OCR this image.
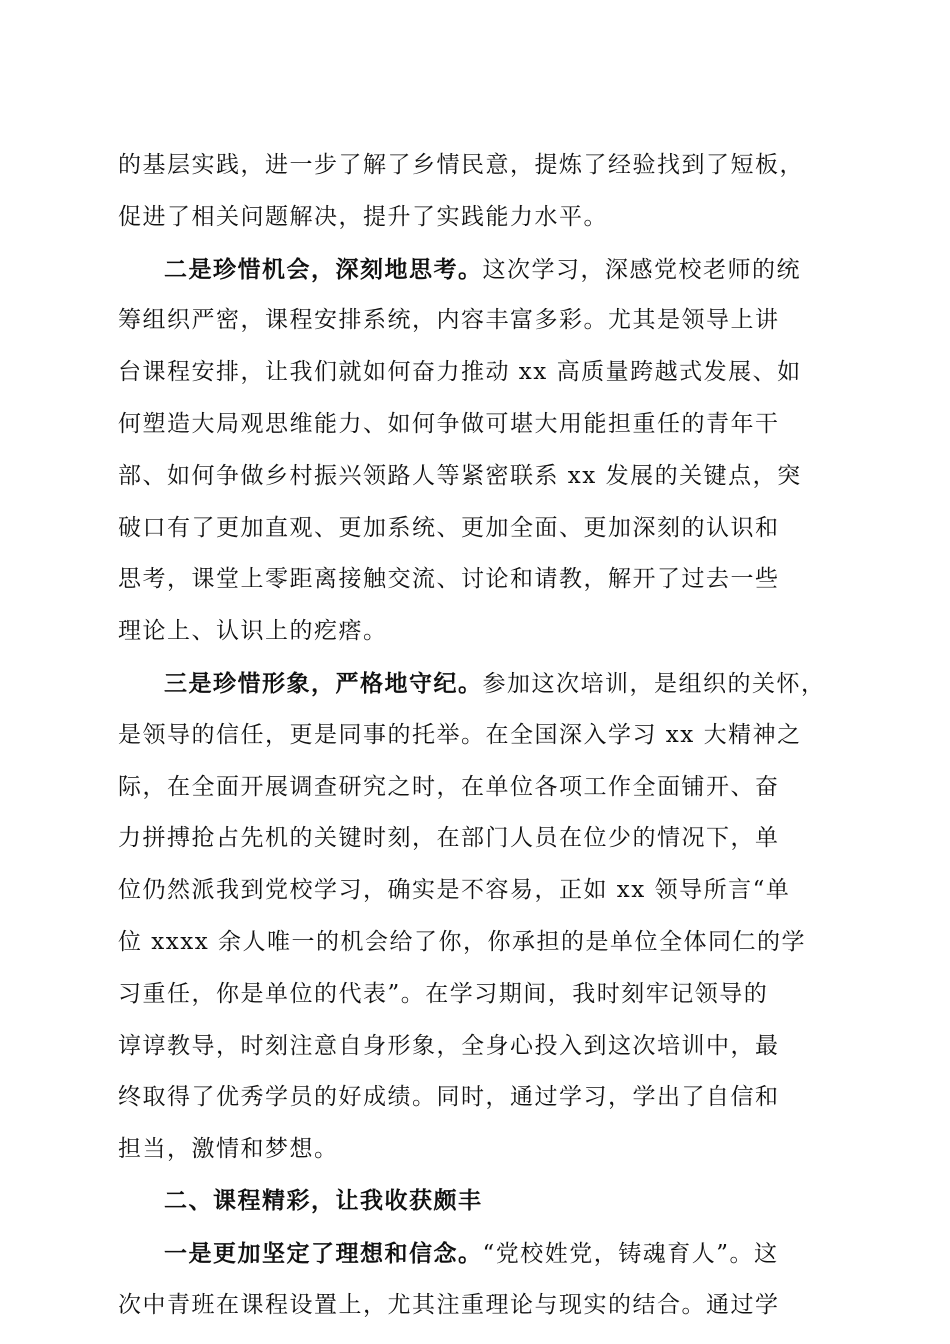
的基层实践，进一步了解了乡情民意，提炼了经验找到了短板，
促进了相关问题解决，提升了实践能力水平。
二是珍惜机会，深刻地思考。这次学习，深感党校老师的统
筹组织严密，课程安排系统，内容丰富多彩。尤其是领导上讲
台课程安排，让我们就如何奋力推动 xx 高质量跨越式发展、如
何塑造大局观思维能力、如何争做可堪大用能担重任的青年干
部、如何争做乡村振兴领路人等紧密联系 xx 发展的关键点，突
破口有了更加直观、更加系统、更加全面、更加深刻的认识和
思考，课堂上零距离接触交流、讨论和请教，解开了过去一些
理论上、认识上的疙瘩。
三是珍惜形象，严格地守纪。参加这次培训，是组织的关怀，
是领导的信任，更是同事的托举。在全国深入学习 xx 大精神之
际，在全面开展调查研究之时，在单位各项工作全面铺开、奋
力拼搏抢占先机的关键时刻，在部门人员在位少的情况下，单
位仍然派我到党校学习，确实是不容易，正如 xx 领导所言“单
位 xxxx 余人唯一的机会给了你，你承担的是单位全体同仁的学
习重任，你是单位的代表”。在学习期间，我时刻牢记领导的
谆谆教导，时刻注意自身形象，全身心投入到这次培训中，最
终取得了优秀学员的好成绩。同时，通过学习，学出了自信和
担当，激情和梦想。
二、课程精彩，让我收获颇丰
一是更加坚定了理想和信念。“党校姓党，铸魂育人”。这
次中青班在课程设置上，尤其注重理论与现实的结合。通过学
